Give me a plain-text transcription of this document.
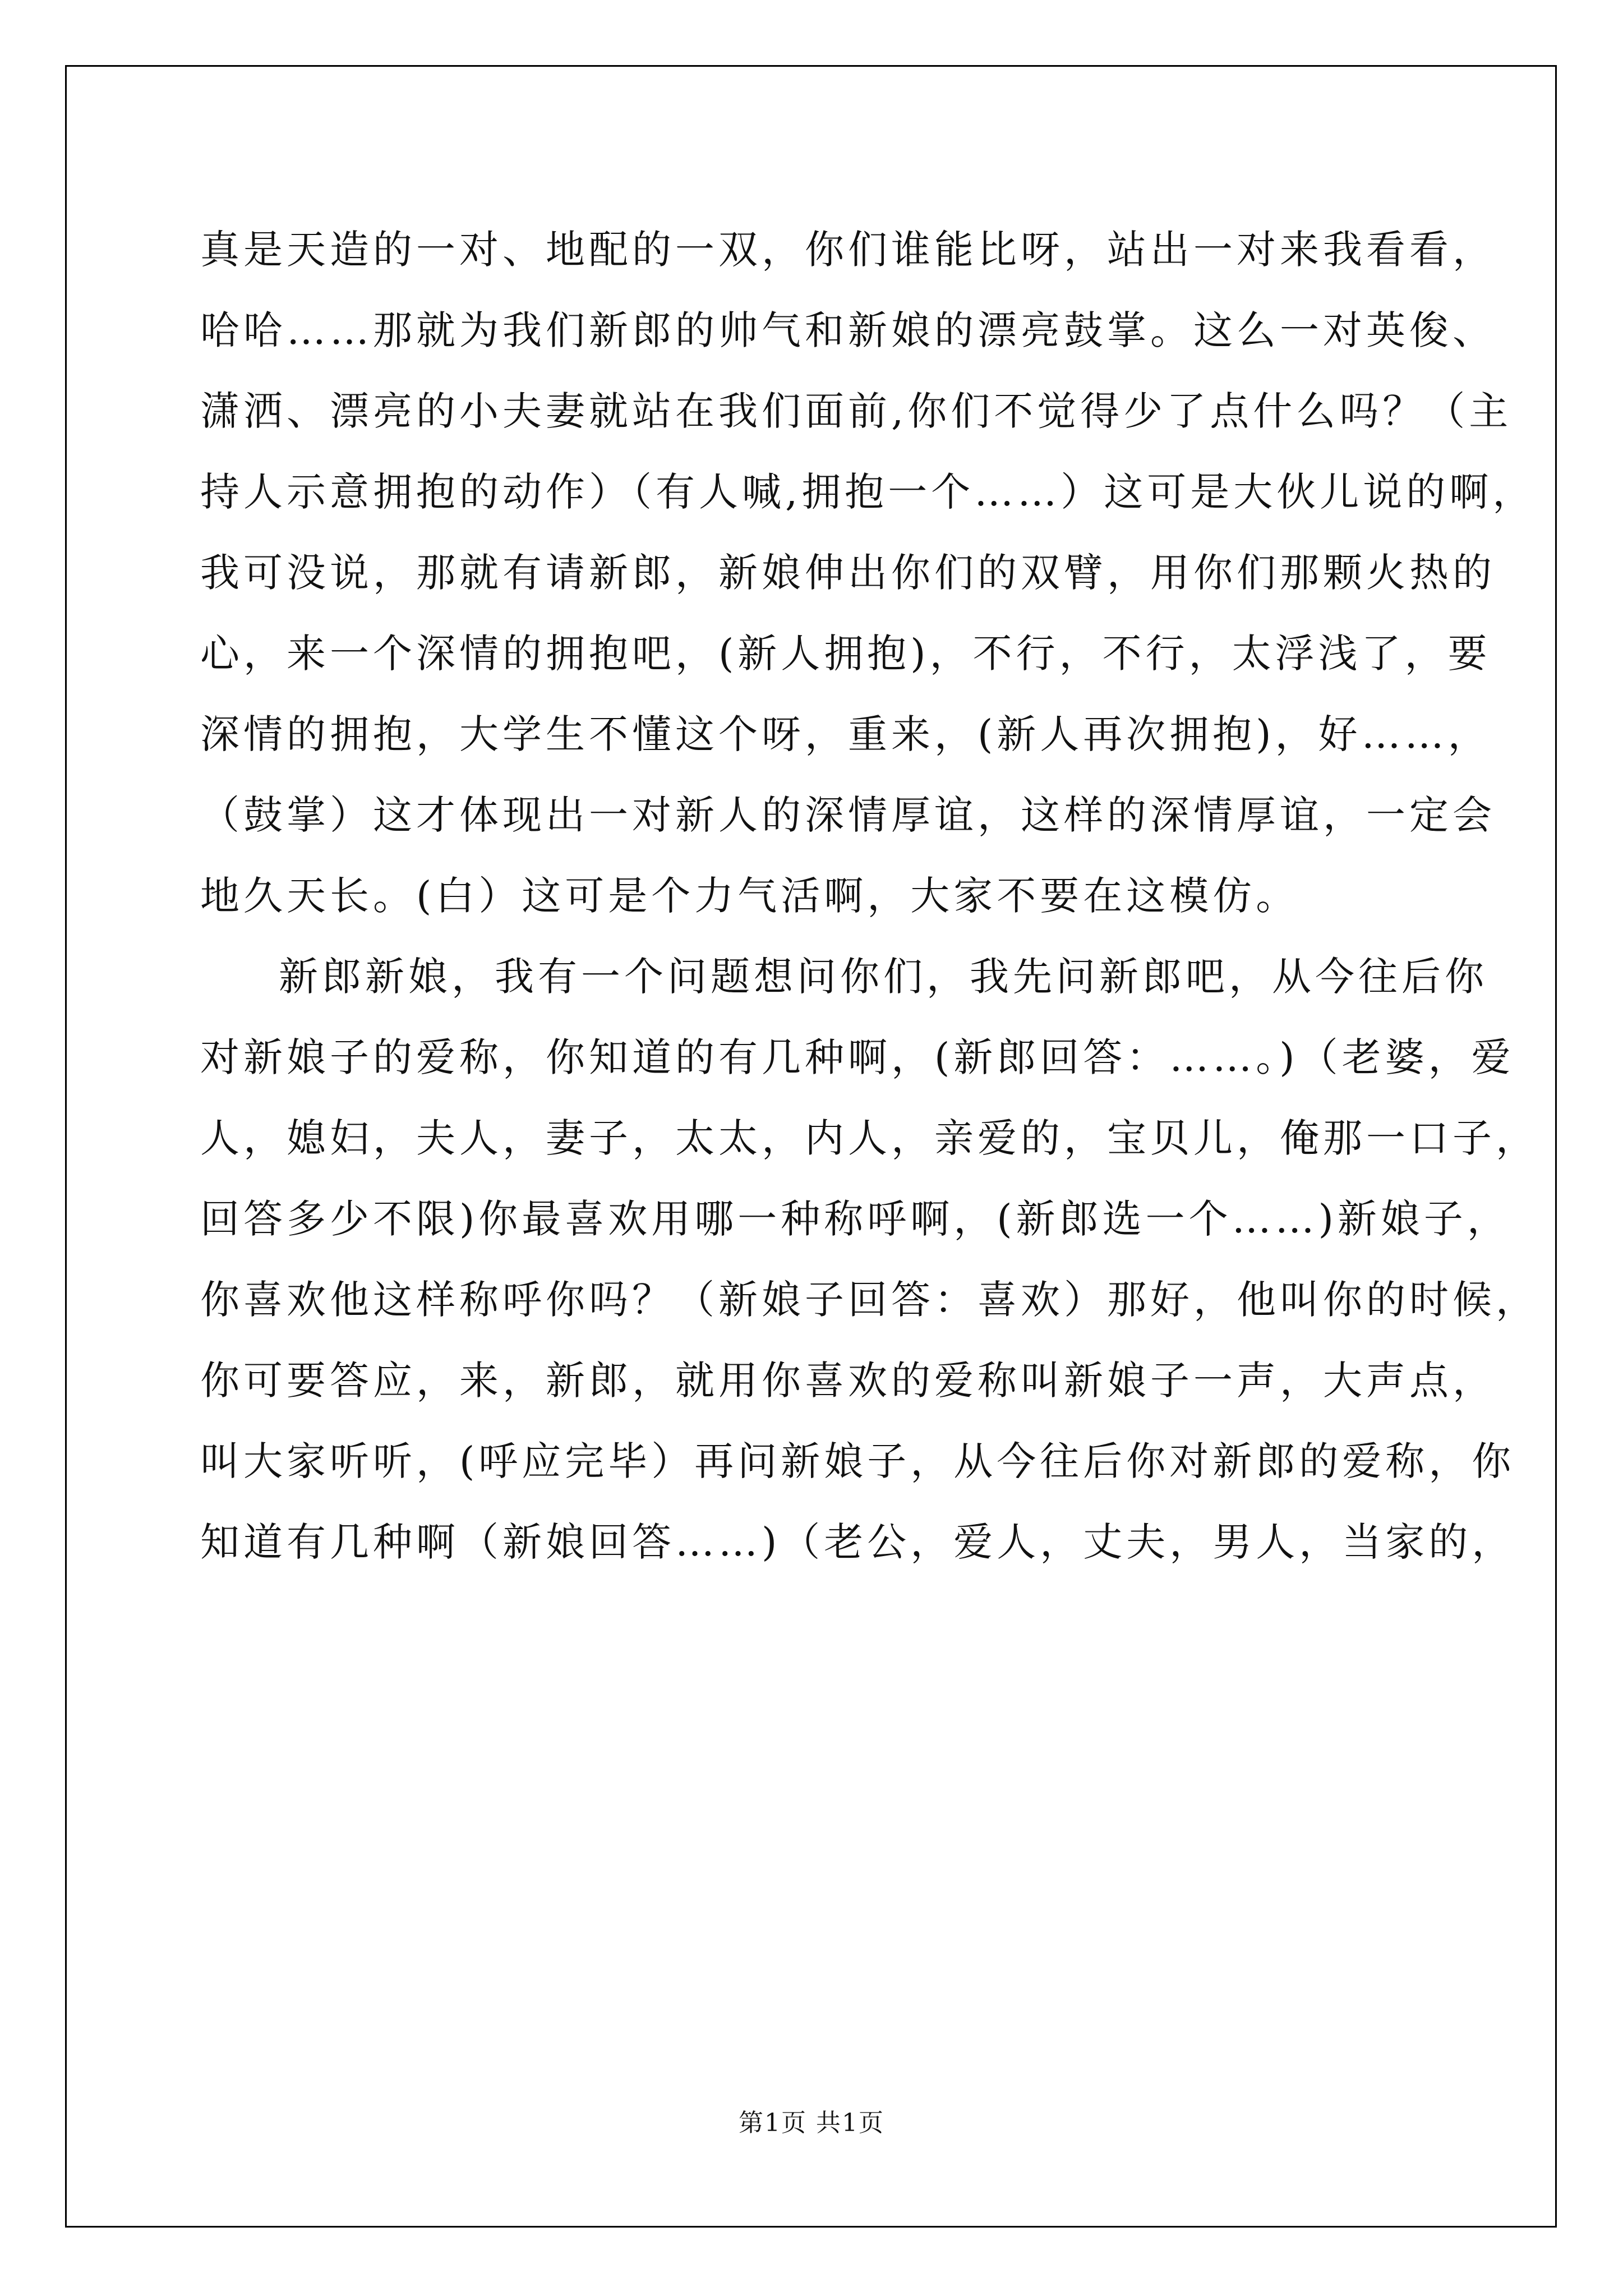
真是天造的一对、地配的一双，你们谁能比呀，站出一对来我看看，
哈哈……那就为我们新郎的帅气和新娘的漂亮鼓掌。这么一对英俊、
潇洒、漂亮的小夫妻就站在我们面前,你们不觉得少了点什么吗？（主
持人示意拥抱的动作）（有人喊,拥抱一个……）这可是大伙儿说的啊，
我可没说，那就有请新郎，新娘伸出你们的双臂，用你们那颗火热的
心，来一个深情的拥抱吧，(新人拥抱)，不行，不行，太浮浅了，要
深情的拥抱，大学生不懂这个呀，重来，(新人再次拥抱)，好……，
（鼓掌）这才体现出一对新人的深情厚谊，这样的深情厚谊，一定会
地久天长。(白）这可是个力气活啊，大家不要在这模仿。
新郎新娘，我有一个问题想问你们，我先问新郎吧，从今往后你
对新娘子的爱称，你知道的有几种啊，(新郎回答：……。)（老婆，爱
人，媳妇，夫人，妻子，太太，内人，亲爱的，宝贝儿，俺那一口子，
回答多少不限)你最喜欢用哪一种称呼啊，(新郎选一个……)新娘子，
你喜欢他这样称呼你吗？（新娘子回答：喜欢）那好，他叫你的时候，
你可要答应，来，新郎，就用你喜欢的爱称叫新娘子一声，大声点，
叫大家听听，(呼应完毕）再问新娘子，从今往后你对新郎的爱称，你
知道有几种啊（新娘回答……)（老公，爱人，丈夫，男人，当家的，
第1页 共1页
